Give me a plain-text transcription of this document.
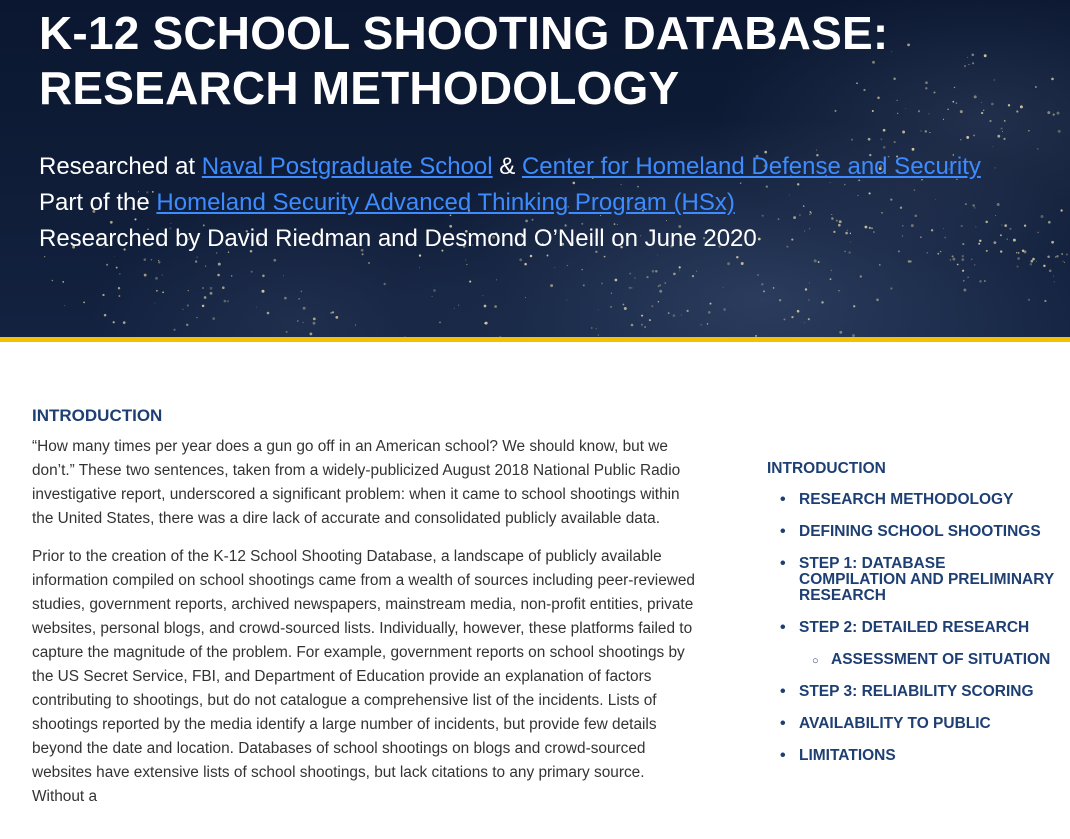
K-12 SCHOOL SHOOTING DATABASE: RESEARCH METHODOLOGY
Researched at Naval Postgraduate School & Center for Homeland Defense and Security
Part of the Homeland Security Advanced Thinking Program (HSx)
Researched by David Riedman and Desmond O’Neill on June 2020
INTRODUCTION

“How many times per year does a gun go off in an American school? We should know, but we don’t.” These two sentences, taken from a widely-publicized August 2018 National Public Radio investigative report, underscored a significant problem: when it came to school shootings within the United States, there was a dire lack of accurate and consolidated publicly available data.

Prior to the creation of the K-12 School Shooting Database, a landscape of publicly available information compiled on school shootings came from a wealth of sources including peer-reviewed studies, government reports, archived newspapers, mainstream media, non-profit entities, private websites, personal blogs, and crowd-sourced lists. Individually, however, these platforms failed to capture the magnitude of the problem. For example, government reports on school shootings by the US Secret Service, FBI, and Department of Education provide an explanation of factors contributing to shootings, but do not catalogue a comprehensive list of the incidents. Lists of shootings reported by the media identify a large number of incidents, but provide few details beyond the date and location. Databases of school shootings on blogs and crowd-sourced websites have extensive lists of school shootings, but lack citations to any primary source. Without a

INTRODUCTION
• RESEARCH METHODOLOGY
• DEFINING SCHOOL SHOOTINGS
• STEP 1: DATABASE COMPILATION AND PRELIMINARY RESEARCH
• STEP 2: DETAILED RESEARCH
○ ASSESSMENT OF SITUATION
• STEP 3: RELIABILITY SCORING
• AVAILABILITY TO PUBLIC
• LIMITATIONS
